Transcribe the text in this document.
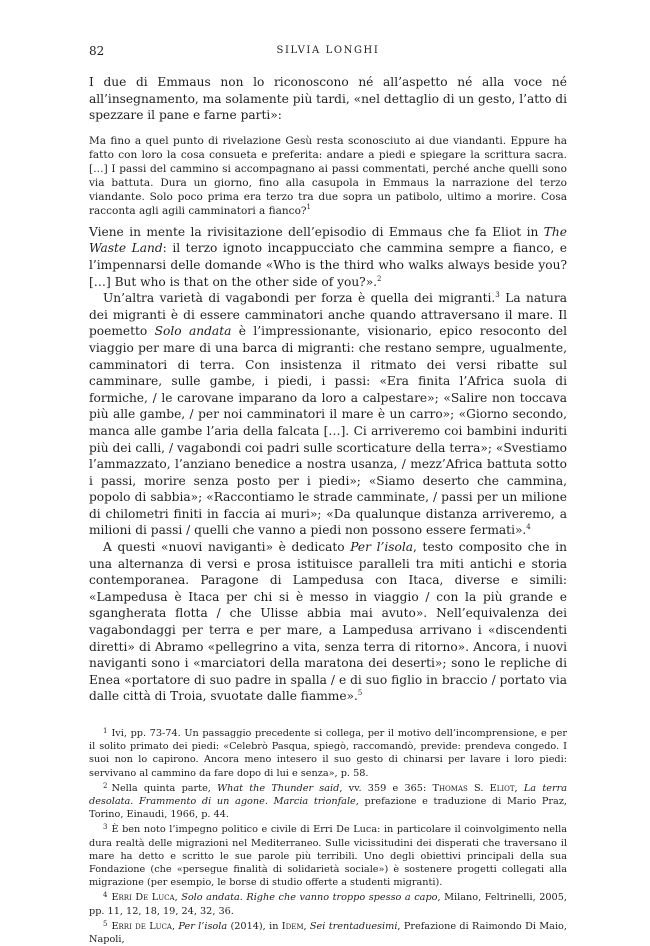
82	SILVIA LONGHI

I due di Emmaus non lo riconoscono né all’aspetto né alla voce né all’insegnamento, ma solamente più tardi, «nel dettaglio di un gesto, l’atto di spezzare il pane e farne parti»:

Ma fino a quel punto di rivelazione Gesù resta sconosciuto ai due viandanti. Eppure ha fatto con loro la cosa consueta e preferita: andare a piedi e spiegare la scrittura sacra. […] I passi del cammino si accompagnano ai passi commentati, perché anche quelli sono via battuta. Dura un giorno, fino alla casupola in Emmaus la narrazione del terzo viandante. Solo poco prima era terzo tra due sopra un patibolo, ultimo a morire. Cosa racconta agli agili camminatori a fianco?$^1$

Viene in mente la rivisitazione dell’episodio di Emmaus che fa Eliot in The Waste Land: il terzo ignoto incappucciato che cammina sempre a fianco, e l’impennarsi delle domande «Who is the third who walks always beside you? […] But who is that on the other side of you?».$^2$

Un’altra varietà di vagabondi per forza è quella dei migranti.$^3$ La natura dei migranti è di essere camminatori anche quando attraversano il mare. Il poemetto Solo andata è l’impressionante, visionario, epico resoconto del viaggio per mare di una barca di migranti: che restano sempre, ugualmente, camminatori di terra. Con insistenza il ritmato dei versi ribatte sul camminare, sulle gambe, i piedi, i passi: «Era finita l’Africa suola di formiche, / le carovane imparano da loro a calpestare»; «Salire non toccava più alle gambe, / per noi camminatori il mare è un carro»; «Giorno secondo, manca alle gambe l’aria della falcata […]. Ci arriveremo coi bambini induriti più dei calli, / vagabondi coi padri sulle scorticature della terra»; «Svestiamo l’ammazzato, l’anziano benedice a nostra usanza, / mezz’Africa battuta sotto i passi, morire senza posto per i piedi»; «Siamo deserto che cammina, popolo di sabbia»; «Raccontiamo le strade camminate, / passi per un milione di chilometri finiti in faccia ai muri»; «Da qualunque distanza arriveremo, a milioni di passi / quelli che vanno a piedi non possono essere fermati».$^4$

A questi «nuovi naviganti» è dedicato Per l’isola, testo composito che in una alternanza di versi e prosa istituisce paralleli tra miti antichi e storia contemporanea. Paragone di Lampedusa con Itaca, diverse e simili: «Lampedusa è Itaca per chi si è messo in viaggio / con la più grande e sgangherata flotta / che Ulisse abbia mai avuto». Nell’equivalenza dei vagabondaggi per terra e per mare, a Lampedusa arrivano i «discendenti diretti» di Abramo «pellegrino a vita, senza terra di ritorno». Ancora, i nuovi naviganti sono i «marciatori della maratona dei deserti»; sono le repliche di Enea «portatore di suo padre in spalla / e di suo figlio in braccio / portato via dalle città di Troia, svuotate dalle fiamme».$^5$

$^1$ Ivi, pp. 73-74. Un passaggio precedente si collega, per il motivo dell’incomprensione, e per il solito primato dei piedi: «Celebrò Pasqua, spiegò, raccomandò, previde: prendeva congedo. I suoi non lo capirono. Ancora meno intesero il suo gesto di chinarsi per lavare i loro piedi: servivano al cammino da fare dopo di lui e senza», p. 58.

$^2$ Nella quinta parte, What the Thunder said, vv. 359 e 365: Thomas S. Eliot, La terra desolata. Frammento di un agone. Marcia trionfale, prefazione e traduzione di Mario Praz, Torino, Einaudi, 1966, p. 44.

$^3$ È ben noto l’impegno politico e civile di Erri De Luca: in particolare il coinvolgimento nella dura realtà delle migrazioni nel Mediterraneo. Sulle vicissitudini dei disperati che traversano il mare ha detto e scritto le sue parole più terribili. Uno degli obiettivi principali della sua Fondazione (che «persegue finalità di solidarietà sociale») è sostenere progetti collegati alla migrazione (per esempio, le borse di studio offerte a studenti migranti).

$^4$ Erri De Luca, Solo andata. Righe che vanno troppo spesso a capo, Milano, Feltrinelli, 2005, pp. 11, 12, 18, 19, 24, 32, 36.

$^5$ Erri de Luca, Per l’isola (2014), in Idem, Sei trentaduesimi, Prefazione di Raimondo Di Maio, Napoli,
